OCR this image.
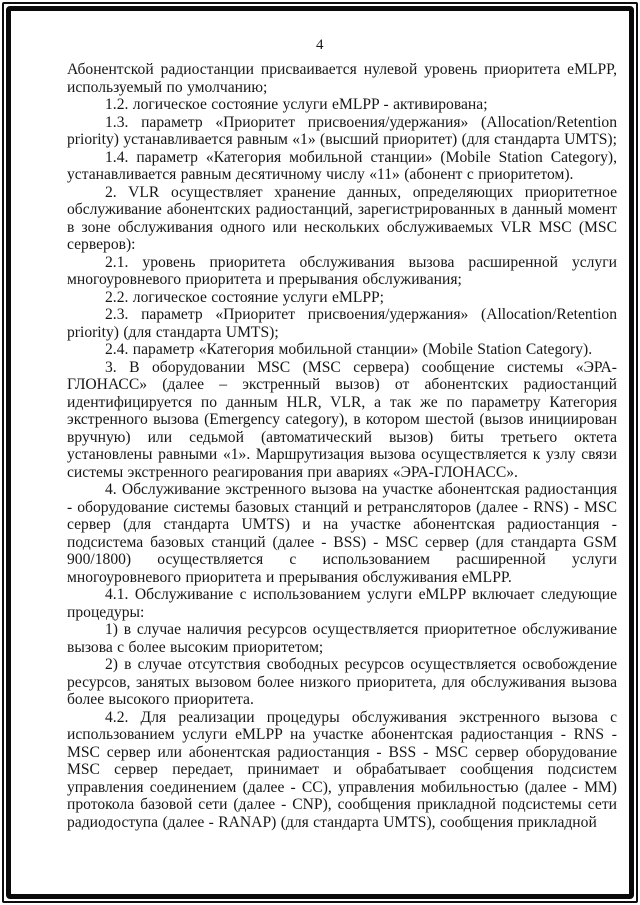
4

Абонентской радиостанции присваивается нулевой уровень приоритета eMLPP, используемый по умолчанию;

1.2. логическое состояние услуги eMLPP - активирована;

1.3. параметр «Приоритет присвоения/удержания» (Allocation/Retention priority) устанавливается равным «1» (высший приоритет) (для стандарта UMTS);

1.4. параметр «Категория мобильной станции» (Mobile Station Category), устанавливается равным десятичному числу «11» (абонент с приоритетом).

2. VLR осуществляет хранение данных, определяющих приоритетное обслуживание абонентских радиостанций, зарегистрированных в данный момент в зоне обслуживания одного или нескольких обслуживаемых VLR MSC (MSC серверов):

2.1. уровень приоритета обслуживания вызова расширенной услуги многоуровневого приоритета и прерывания обслуживания;

2.2. логическое состояние услуги eMLPP;

2.3. параметр «Приоритет присвоения/удержания» (Allocation/Retention priority) (для стандарта UMTS);

2.4. параметр «Категория мобильной станции» (Mobile Station Category).

3. В оборудовании MSC (MSC сервера) сообщение системы «ЭРА-ГЛОНАСС» (далее – экстренный вызов) от абонентских радиостанций идентифицируется по данным HLR, VLR, а так же по параметру Категория экстренного вызова (Emergency category), в котором шестой (вызов инициирован вручную) или седьмой (автоматический вызов) биты третьего октета установлены равными «1». Маршрутизация вызова осуществляется к узлу связи системы экстренного реагирования при авариях «ЭРА-ГЛОНАСС».

4. Обслуживание экстренного вызова на участке абонентская радиостанция - оборудование системы базовых станций и ретрансляторов (далее - RNS) - MSC сервер (для стандарта UMTS) и на участке абонентская радиостанция - подсистема базовых станций (далее - BSS) - MSC сервер (для стандарта GSM 900/1800) осуществляется с использованием расширенной услуги многоуровневого приоритета и прерывания обслуживания eMLPP.

4.1. Обслуживание с использованием услуги eMLPP включает следующие процедуры:

1) в случае наличия ресурсов осуществляется приоритетное обслуживание вызова с более высоким приоритетом;

2) в случае отсутствия свободных ресурсов осуществляется освобождение ресурсов, занятых вызовом более низкого приоритета, для обслуживания вызова более высокого приоритета.

4.2. Для реализации процедуры обслуживания экстренного вызова с использованием услуги eMLPP на участке абонентская радиостанция - RNS - MSC сервер или абонентская радиостанция - BSS - MSC сервер оборудование MSC сервер передает, принимает и обрабатывает сообщения подсистем управления соединением (далее - CC), управления мобильностью (далее - MM) протокола базовой сети (далее - CNP), сообщения прикладной подсистемы сети радиодоступа (далее - RANAP) (для стандарта UMTS), сообщения прикладной
